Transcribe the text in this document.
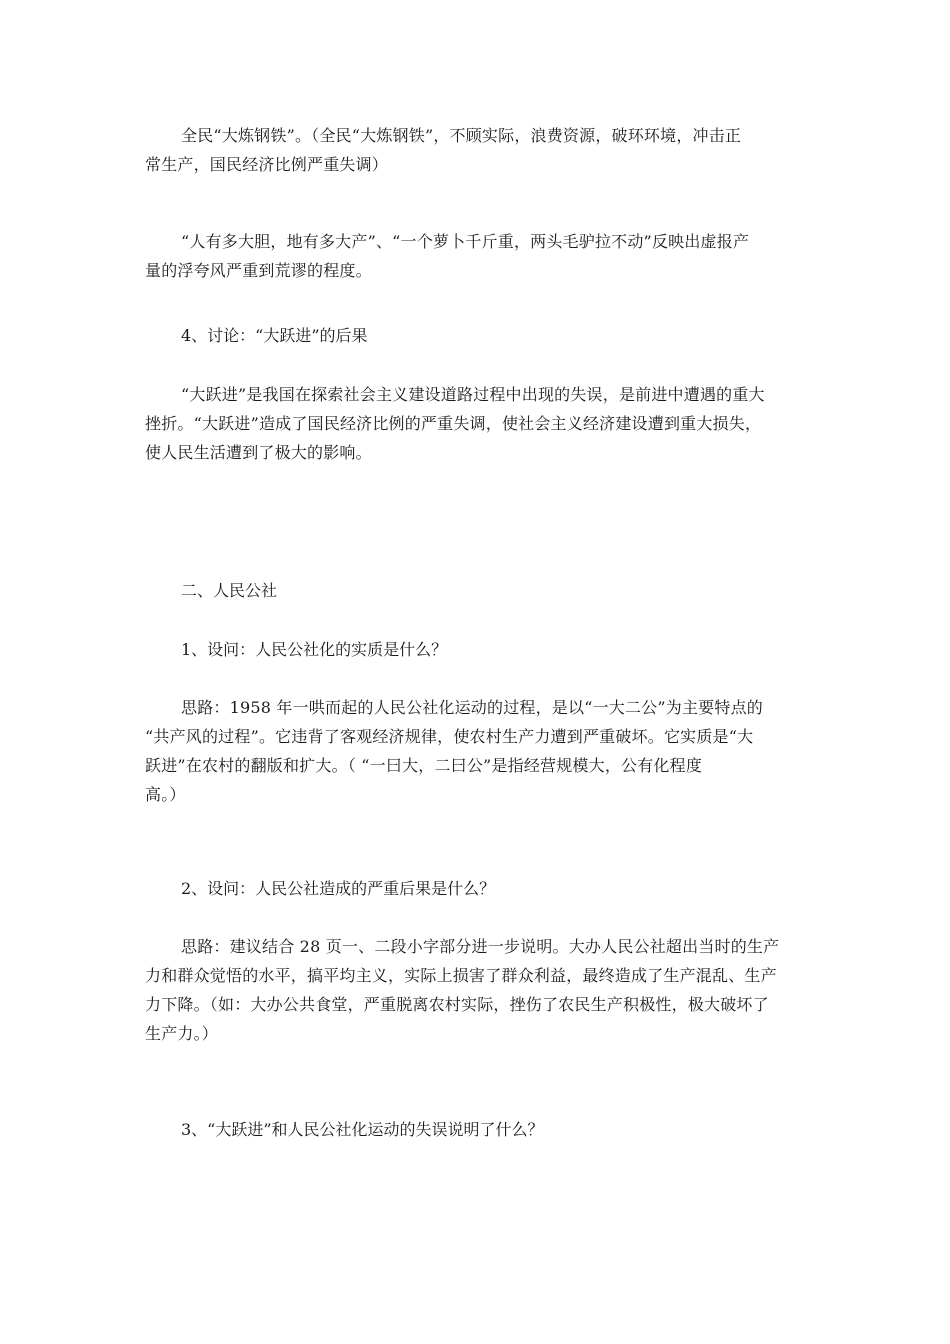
全民“大炼钢铁”。（全民“大炼钢铁”，不顾实际，浪费资源，破环环境，冲击正
常生产，国民经济比例严重失调）

“人有多大胆，地有多大产”、“一个萝卜千斤重，两头毛驴拉不动”反映出虚报产
量的浮夸风严重到荒谬的程度。

4、讨论：“大跃进”的后果

“大跃进”是我国在探索社会主义建设道路过程中出现的失误，是前进中遭遇的重大
挫折。“大跃进”造成了国民经济比例的严重失调，使社会主义经济建设遭到重大损失，
使人民生活遭到了极大的影响。

二、人民公社

1、设问：人民公社化的实质是什么？

思路：1958 年一哄而起的人民公社化运动的过程，是以“一大二公”为主要特点的
“共产风的过程”。它违背了客观经济规律，使农村生产力遭到严重破坏。它实质是“大
跃进”在农村的翻版和扩大。（ “一曰大，二曰公”是指经营规模大，公有化程度
高。）

2、设问：人民公社造成的严重后果是什么？

思路：建议结合 28 页一、二段小字部分进一步说明。大办人民公社超出当时的生产
力和群众觉悟的水平，搞平均主义，实际上损害了群众利益，最终造成了生产混乱、生产
力下降。（如：大办公共食堂，严重脱离农村实际，挫伤了农民生产积极性，极大破坏了
生产力。）

3、“大跃进”和人民公社化运动的失误说明了什么？
